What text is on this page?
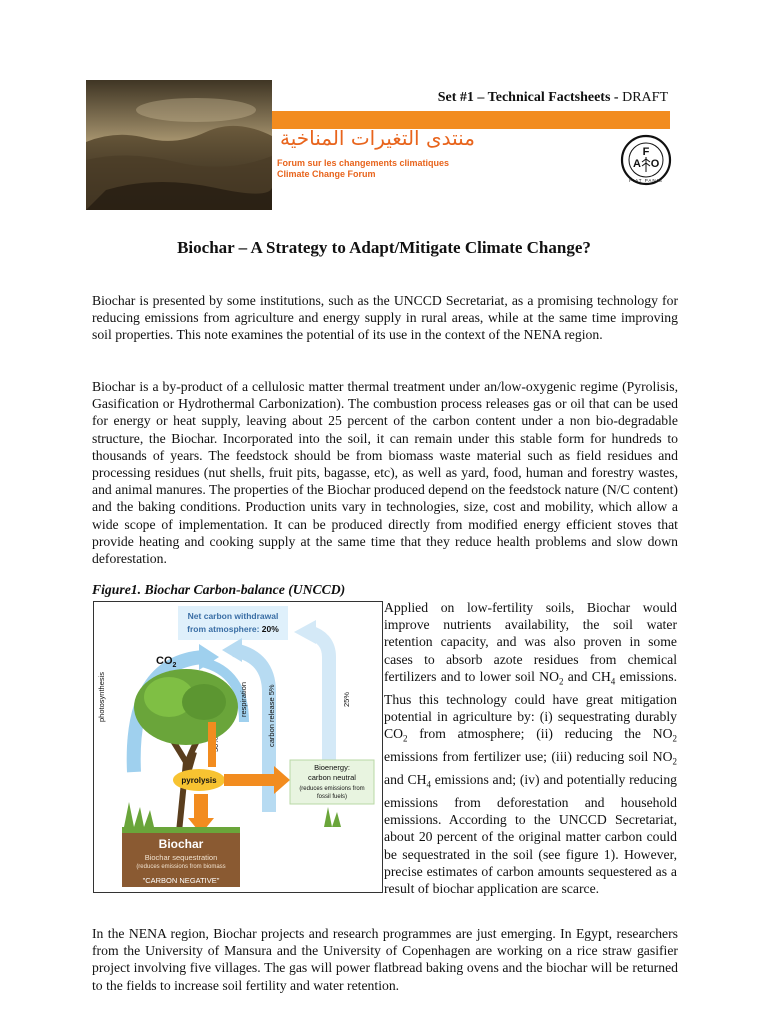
Set #1 – Technical Factsheets - DRAFT
منتدى التغيرات المناخية
Forum sur les changements climatiques
Climate Change Forum
F
A O
FIAT PANIS
Biochar – A Strategy to Adapt/Mitigate Climate Change?

Biochar is presented by some institutions, such as the UNCCD Secretariat, as a promising technology for reducing emissions from agriculture and energy supply in rural areas, while at the same time improving soil properties. This note examines the potential of its use in the context of the NENA region.

Biochar is a by-product of a cellulosic matter thermal treatment under an/low-oxygenic regime (Pyrolisis, Gasification or Hydrothermal Carbonization). The combustion process releases gas or oil that can be used for energy or heat supply, leaving about 25 percent of the carbon content under a non bio-degradable structure, the Biochar. Incorporated into the soil, it can remain under this stable form for hundreds to thousands of years. The feedstock should be from biomass waste material such as field residues and processing residues (nut shells, fruit pits, bagasse, etc), as well as yard, food, human and forestry wastes, and animal manures. The properties of the Biochar produced depend on the feedstock nature (N/C content) and the baking conditions. Production units vary in technologies, size, cost and mobility, which allow a wide scope of implementation. It can be produced directly from modified energy efficient stoves that provide heating and cooking supply at the same time that they reduce health problems and slow down deforestation.

Figure1. Biochar Carbon-balance (UNCCD)
Net carbon withdrawal
from atmosphere: 20%
$CO_2$
photosynthesis	respiration	carbon release 5%	25%
50%
pyrolysis
Bioenergy:
carbon neutral
(reduces emissions from
fossil fuels)
Biochar
Biochar sequestration
(reduces emissions from biomass
"CARBON NEGATIVE"

Applied on low-fertility soils, Biochar would improve nutrients availability, the soil water retention capacity, and was also proven in some cases to absorb azote residues from chemical fertilizers and to lower soil $NO_2$ and $CH_4$ emissions. Thus this technology could have great mitigation potential in agriculture by: (i) sequestrating durably $CO_2$ from atmosphere; (ii) reducing the $NO_2$ emissions from fertilizer use; (iii) reducing soil $NO_2$ and $CH_4$ emissions and; (iv) and potentially reducing emissions from deforestation and household emissions. According to the UNCCD Secretariat, about 20 percent of the original matter carbon could be sequestrated in the soil (see figure 1). However, precise estimates of carbon amounts sequestered as a result of biochar application are scarce.

In the NENA region, Biochar projects and research programmes are just emerging. In Egypt, researchers from the University of Mansura and the University of Copenhagen are working on a rice straw gasifier project involving five villages. The gas will power flatbread baking ovens and the biochar will be returned to the fields to increase soil fertility and water retention.
